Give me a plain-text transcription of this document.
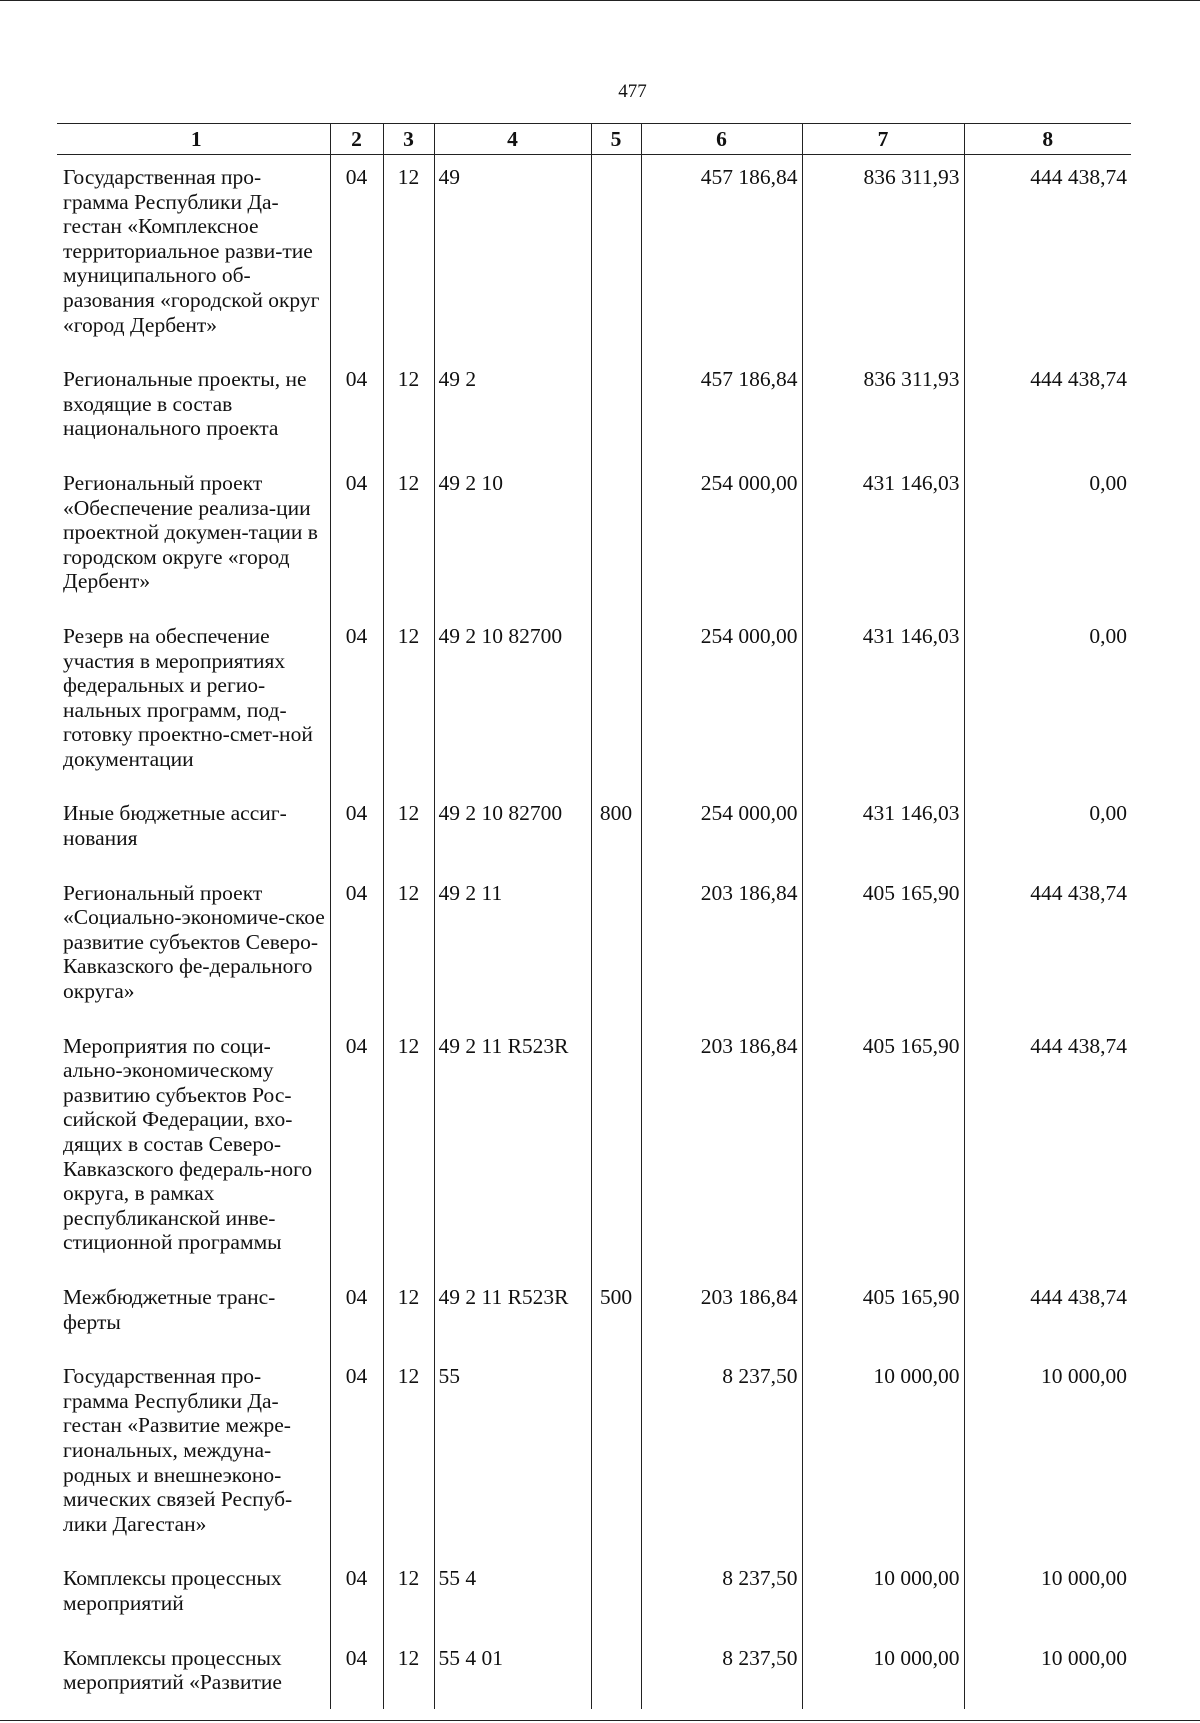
477
1	2	3	4	5	6	7	8
Государственная про-грамма Республики Да-гестан «Комплексное территориальное разви-тие муниципального об-разования «городской округ «город Дербент»	04	12	49		457 186,84	836 311,93	444 438,74
Региональные проекты, не входящие в состав национального проекта	04	12	49 2		457 186,84	836 311,93	444 438,74
Региональный проект «Обеспечение реализа-ции проектной докумен-тации в городском округе «город Дербент»	04	12	49 2 10		254 000,00	431 146,03	0,00
Резерв на обеспечение участия в мероприятиях федеральных и регио-нальных программ, под-готовку проектно-смет-ной документации	04	12	49 2 10 82700		254 000,00	431 146,03	0,00
Иные бюджетные ассиг-нования	04	12	49 2 10 82700	800	254 000,00	431 146,03	0,00
Региональный проект «Социально-экономиче-ское развитие субъектов Северо-Кавказского фе-дерального округа»	04	12	49 2 11		203 186,84	405 165,90	444 438,74
Мероприятия по соци-ально-экономическому развитию субъектов Рос-сийской Федерации, вхо-дящих в состав Северо-Кавказского федераль-ного округа, в рамках республиканской инве-стиционной программы	04	12	49 2 11 R523R		203 186,84	405 165,90	444 438,74
Межбюджетные транс-ферты	04	12	49 2 11 R523R	500	203 186,84	405 165,90	444 438,74
Государственная про-грамма Республики Да-гестан «Развитие межре-гиональных, междуна-родных и внешнеэконо-мических связей Респуб-лики Дагестан»	04	12	55		8 237,50	10 000,00	10 000,00
Комплексы процессных мероприятий	04	12	55 4		8 237,50	10 000,00	10 000,00
Комплексы процессных мероприятий «Развитие	04	12	55 4 01		8 237,50	10 000,00	10 000,00
